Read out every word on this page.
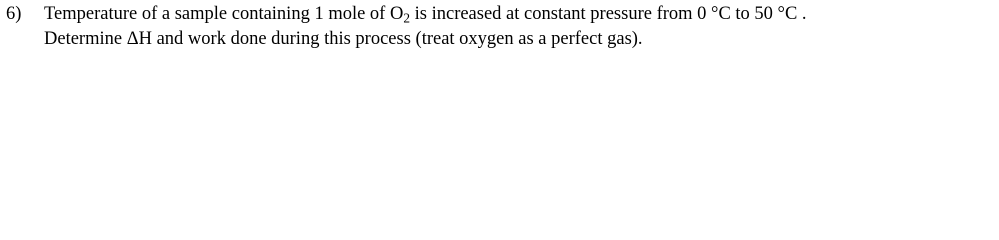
6) Temperature of a sample containing 1 mole of $O_2$ is increased at constant pressure from 0 °C to 50 °C .
Determine ΔH and work done during this process (treat oxygen as a perfect gas).
